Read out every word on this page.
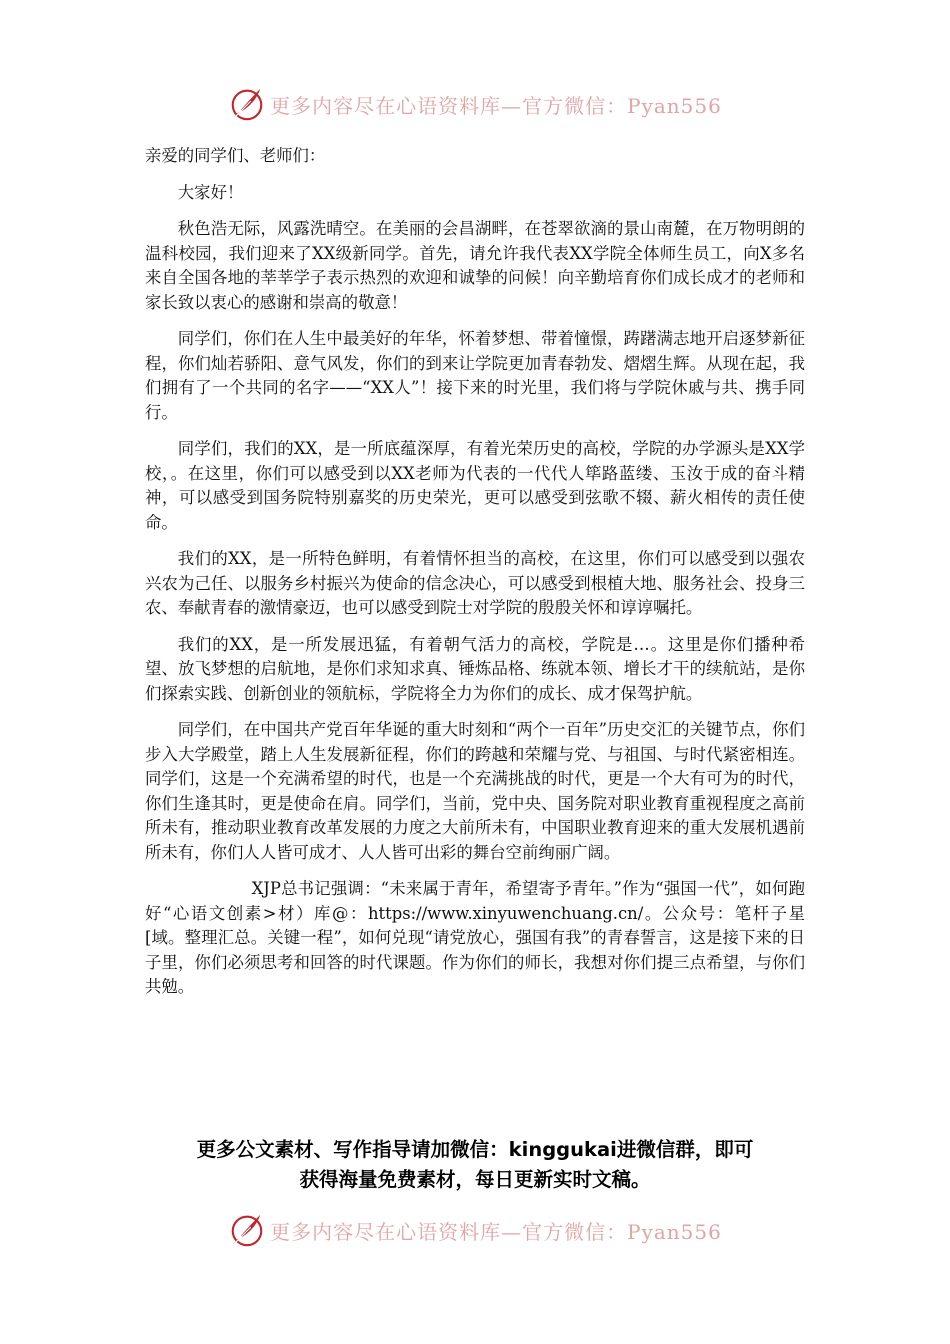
更多内容尽在心语资料库—官方微信：Pyan556

亲爱的同学们、老师们：

大家好！

秋色浩无际，风露洗晴空。在美丽的会昌湖畔，在苍翠欲滴的景山南麓，在万物明朗的温科校园，我们迎来了XX级新同学。首先，请允许我代表XX学院全体师生员工，向X多名来自全国各地的莘莘学子表示热烈的欢迎和诚挚的问候！向辛勤培育你们成长成才的老师和家长致以衷心的感谢和崇高的敬意！

同学们，你们在人生中最美好的年华，怀着梦想、带着憧憬，踌躇满志地开启逐梦新征程，你们灿若骄阳、意气风发，你们的到来让学院更加青春勃发、熠熠生辉。从现在起，我们拥有了一个共同的名字——“XX人”！接下来的时光里，我们将与学院休戚与共、携手同行。

同学们，我们的XX，是一所底蕴深厚，有着光荣历史的高校，学院的办学源头是XX学校，。在这里，你们可以感受到以XX老师为代表的一代代人筚路蓝缕、玉汝于成的奋斗精神，可以感受到国务院特别嘉奖的历史荣光，更可以感受到弦歌不辍、薪火相传的责任使命。

我们的XX，是一所特色鲜明，有着情怀担当的高校，在这里，你们可以感受到以强农兴农为己任、以服务乡村振兴为使命的信念决心，可以感受到根植大地、服务社会、投身三农、奉献青春的激情豪迈，也可以感受到院士对学院的殷殷关怀和谆谆嘱托。

我们的XX，是一所发展迅猛，有着朝气活力的高校，学院是…。这里是你们播种希望、放飞梦想的启航地，是你们求知求真、锤炼品格、练就本领、增长才干的续航站，是你们探索实践、创新创业的领航标，学院将全力为你们的成长、成才保驾护航。

同学们，在中国共产党百年华诞的重大时刻和“两个一百年”历史交汇的关键节点，你们步入大学殿堂，踏上人生发展新征程，你们的跨越和荣耀与党、与祖国、与时代紧密相连。同学们，这是一个充满希望的时代，也是一个充满挑战的时代，更是一个大有可为的时代，你们生逢其时，更是使命在肩。同学们，当前，党中央、国务院对职业教育重视程度之高前所未有，推动职业教育改革发展的力度之大前所未有，中国职业教育迎来的重大发展机遇前所未有，你们人人皆可成才、人人皆可出彩的舞台空前绚丽广阔。

XJP总书记强调：“未来属于青年，希望寄予青年。”作为“强国一代”，如何跑好“心语文创素>材）库@：https://www.xinyuwenchuang.cn/。公众号：笔杆子星[域。整理汇总。关键一程”，如何兑现“请党放心，强国有我”的青春誓言，这是接下来的日子里，你们必须思考和回答的时代课题。作为你们的师长，我想对你们提三点希望，与你们共勉。

更多公文素材、写作指导请加微信：kinggukai进微信群，即可
获得海量免费素材，每日更新实时文稿。
更多内容尽在心语资料库—官方微信：Pyan556
